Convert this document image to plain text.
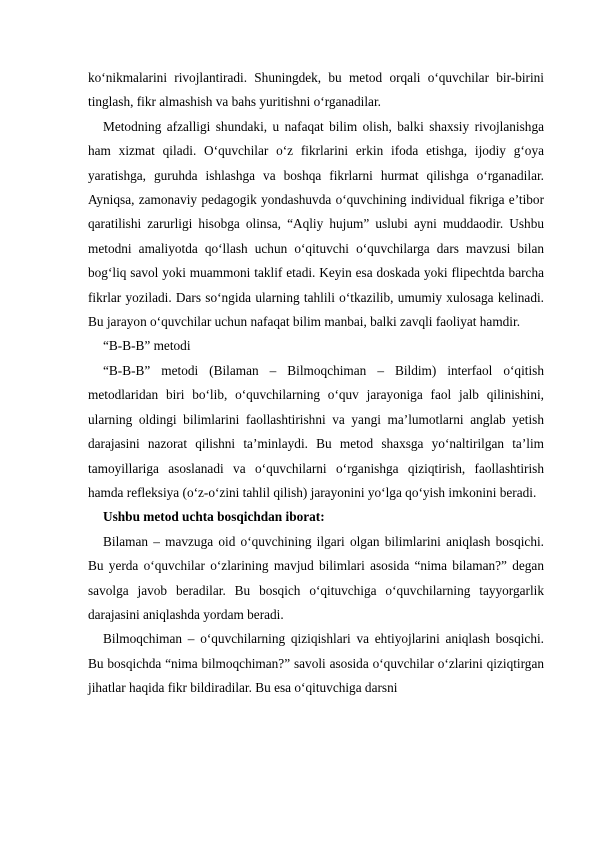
ko‘nikmalarini rivojlantiradi. Shuningdek, bu metod orqali o‘quvchilar bir-birini tinglash, fikr almashish va bahs yuritishni o‘rganadilar.

Metodning afzalligi shundaki, u nafaqat bilim olish, balki shaxsiy rivojlanishga ham xizmat qiladi. O‘quvchilar o‘z fikrlarini erkin ifoda etishga, ijodiy g‘oya yaratishga, guruhda ishlashga va boshqa fikrlarni hurmat qilishga o‘rganadilar. Ayniqsa, zamonaviy pedagogik yondashuvda o‘quvchining individual fikriga e’tibor qaratilishi zarurligi hisobga olinsa, “Aqliy hujum” uslubi ayni muddaodir. Ushbu metodni amaliyotda qo‘llash uchun o‘qituvchi o‘quvchilarga dars mavzusi bilan bog‘liq savol yoki muammoni taklif etadi. Keyin esa doskada yoki flipechtda barcha fikrlar yoziladi. Dars so‘ngida ularning tahlili o‘tkazilib, umumiy xulosaga kelinadi. Bu jarayon o‘quvchilar uchun nafaqat bilim manbai, balki zavqli faoliyat hamdir.

“B-B-B” metodi

“B-B-B” metodi (Bilaman – Bilmoqchiman – Bildim) interfaol o‘qitish metodlaridan biri bo‘lib, o‘quvchilarning o‘quv jarayoniga faol jalb qilinishini, ularning oldingi bilimlarini faollashtirishni va yangi ma’lumotlarni anglab yetish darajasini nazorat qilishni ta’minlaydi. Bu metod shaxsga yo‘naltirilgan ta’lim tamoyillariga asoslanadi va o‘quvchilarni o‘rganishga qiziqtirish, faollashtirish hamda refleksiya (o‘z-o‘zini tahlil qilish) jarayonini yo‘lga qo‘yish imkonini beradi.

Ushbu metod uchta bosqichdan iborat:

Bilaman – mavzuga oid o‘quvchining ilgari olgan bilimlarini aniqlash bosqichi. Bu yerda o‘quvchilar o‘zlarining mavjud bilimlari asosida “nima bilaman?” degan savolga javob beradilar. Bu bosqich o‘qituvchiga o‘quvchilarning tayyorgarlik darajasini aniqlashda yordam beradi.

Bilmoqchiman – o‘quvchilarning qiziqishlari va ehtiyojlarini aniqlash bosqichi. Bu bosqichda “nima bilmoqchiman?” savoli asosida o‘quvchilar o‘zlarini qiziqtirgan jihatlar haqida fikr bildiradilar. Bu esa o‘qituvchiga darsni
